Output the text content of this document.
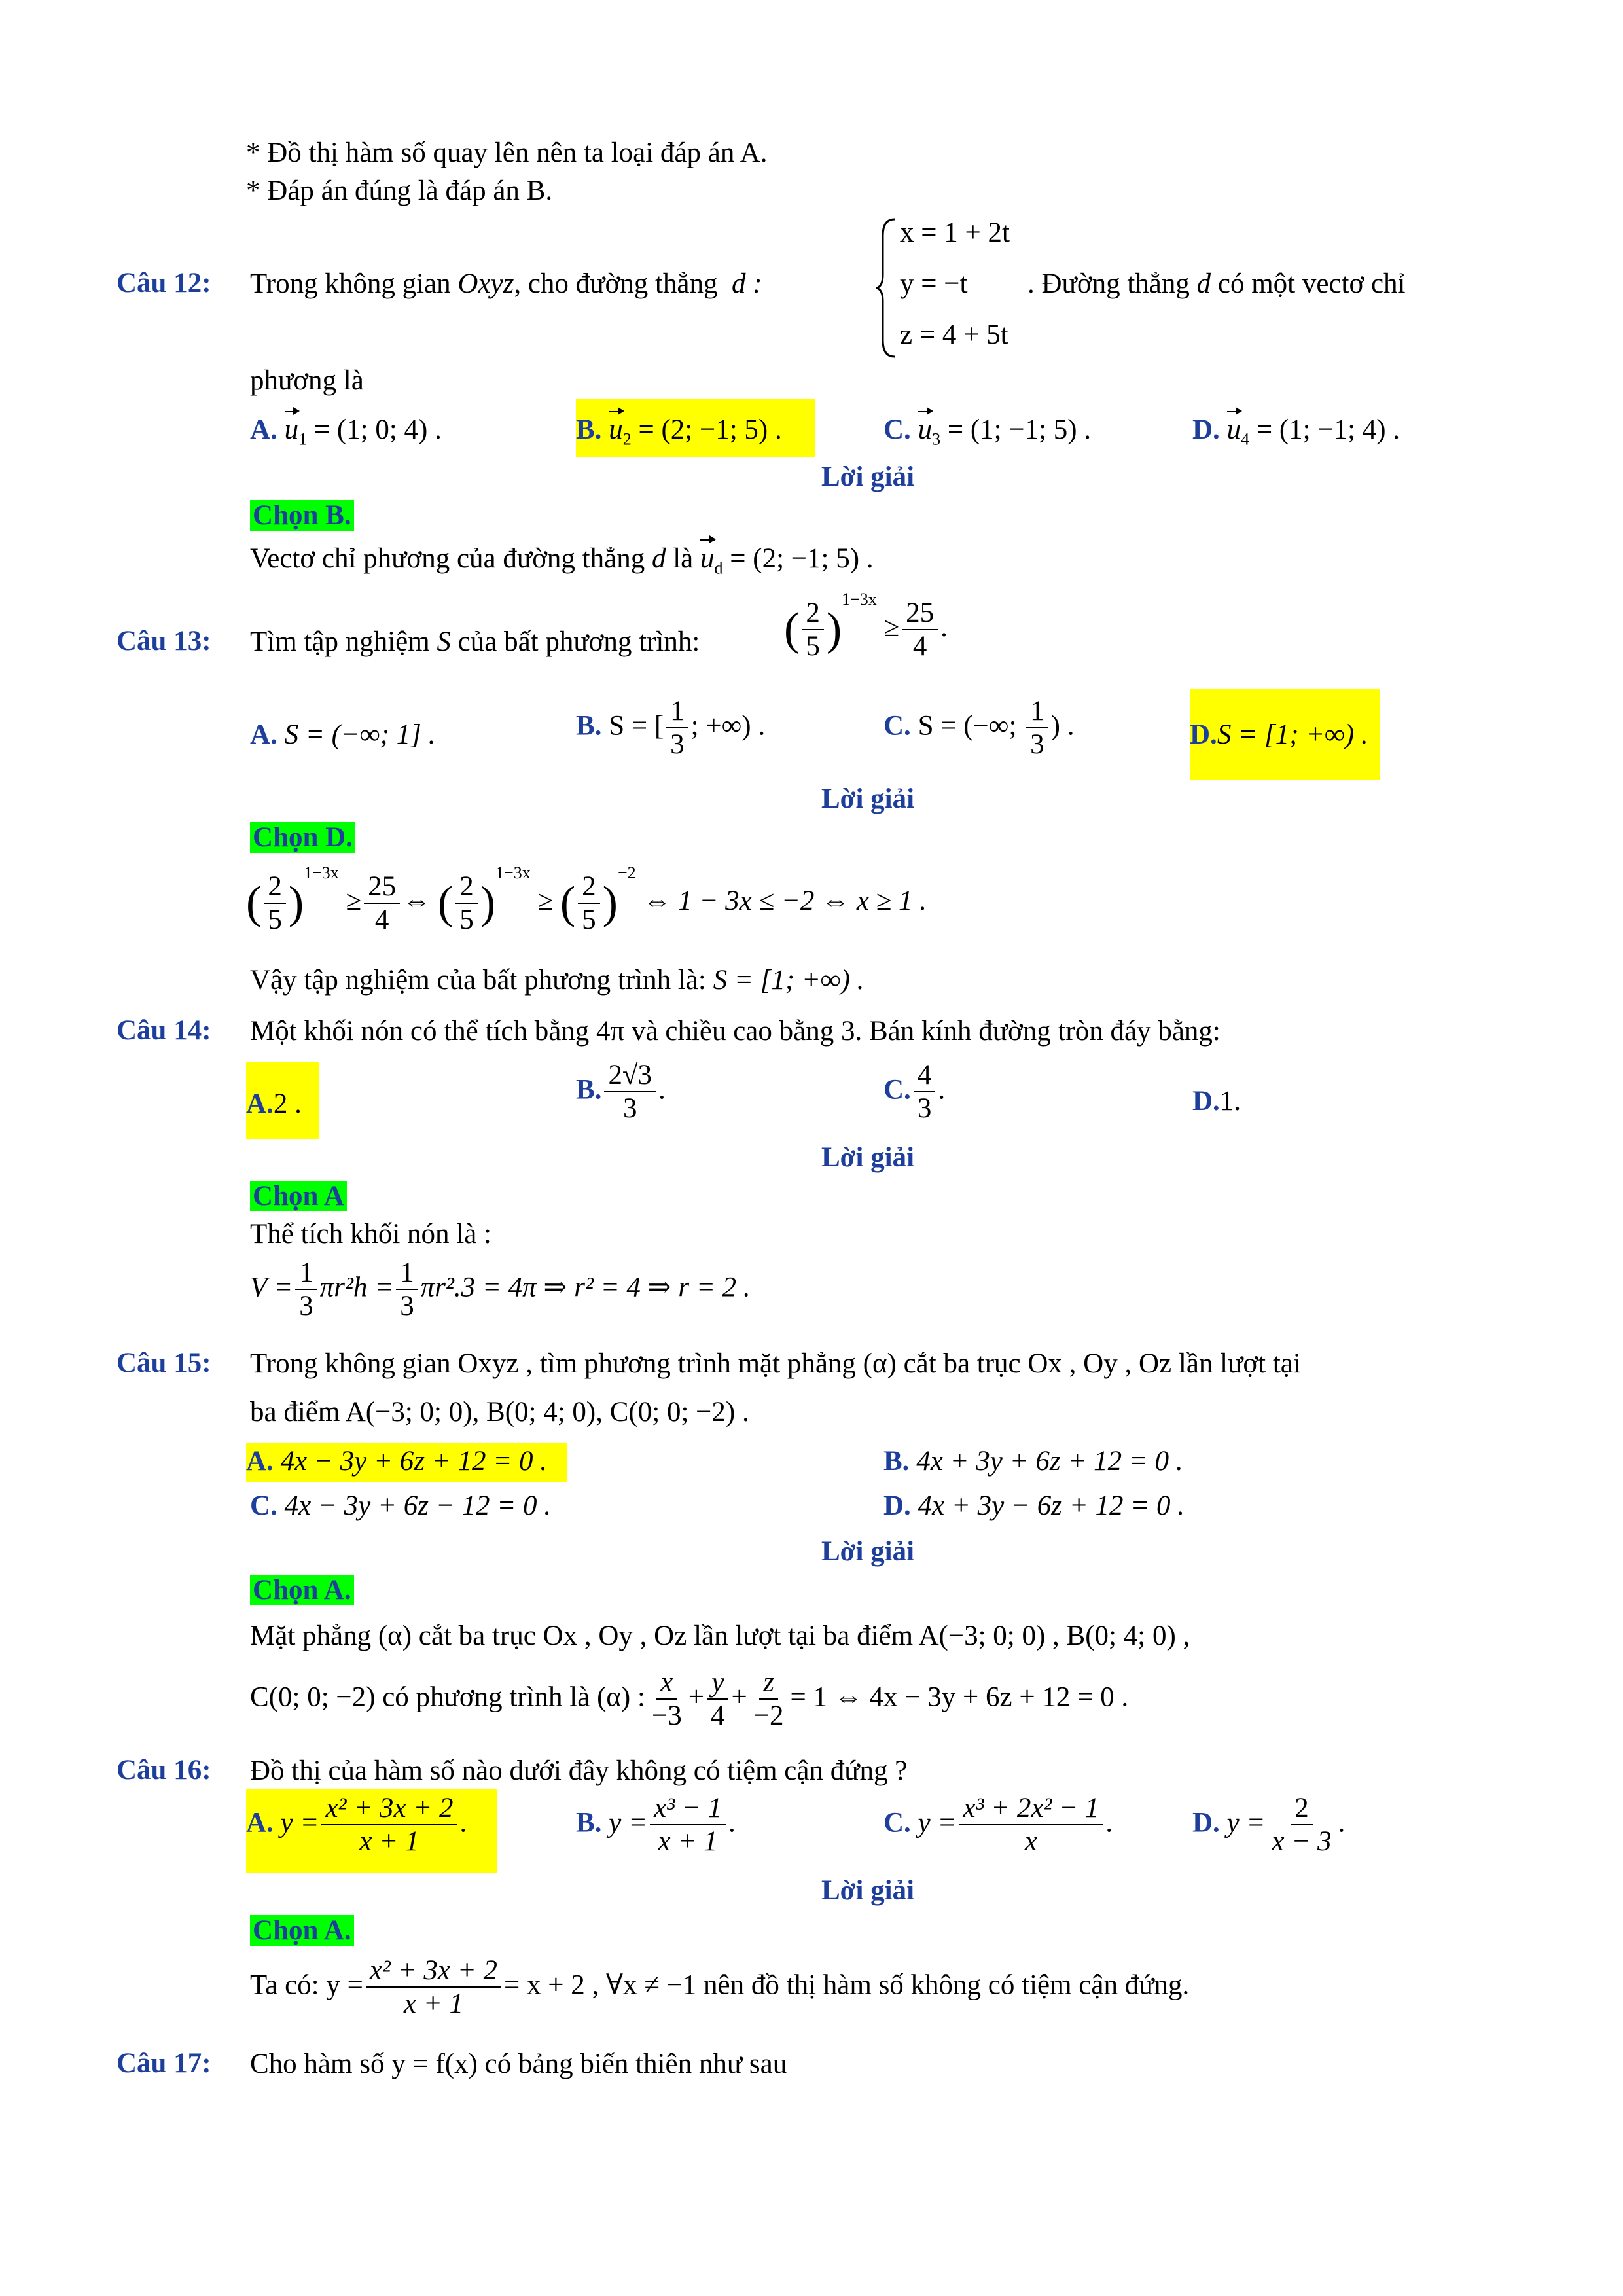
* Đồ thị hàm số quay lên nên ta loại đáp án A.
* Đáp án đúng là đáp án B.
Câu 12: Trong không gian Oxyz, cho đường thẳng d :
x = 1 + 2t
y = −t
z = 4 + 5t
. Đường thẳng d có một vectơ chỉ
phương là
A. $u_1 = (1$; 0; 4) .	B. $u_2 = (2$; −1; 5) .	C. $u_3 = (1$; −1; 5) .	D. $u_4 = (1$; −1; 4) .
Lời giải
Chọn B.
Vectơ chỉ phương của đường thẳng d là $u_d = (2$; −1; 5) .
Câu 13: Tìm tập nghiệm S của bất phương trình: ( $\frac{2}{5} )^{1-3x} \ge \frac{25}{4}$ .
A. S = (−∞; 1] .	B. S = [ $\frac{1}{3}$ ; +∞) .	C. S = (−∞; $\frac{1}{3}$ ) .	D.S = [1; +∞) .
Lời giải
Chọn D.
( $\frac{2}{5} )^{1-3x} \ge \frac{25}{4}$ ⇔ ( $\frac{2}{5} )^{1-3x}$ ≥ ( $\frac{2}{5} )^{-2}$ ⇔ 1 − 3x ≤ −2 ⇔ x ≥ 1 .
Vậy tập nghiệm của bất phương trình là: S = [1; +∞) .
Câu 14: Một khối nón có thể tích bằng 4π và chiều cao bằng 3. Bán kính đường tròn đáy bằng:
A.2 .	B. $\frac{2√3}{3}$ .	C. $\frac{4}{3}$ .	D.1.
Lời giải
Chọn A
Thể tích khối nón là :
$V = \frac{1}{3} \pi r^2h = \frac{1}{3} \pi r^2.3 = 4\pi$ ⇒ r² = 4 ⇒ r = 2 .
Câu 15: Trong không gian Oxyz , tìm phương trình mặt phẳng (α) cắt ba trục Ox , Oy , Oz lần lượt tại
ba điểm A(−3; 0; 0), B(0; 4; 0), C(0; 0; −2) .
A. 4x − 3y + 6z + 12 = 0 .	B. 4x + 3y + 6z + 12 = 0 .
C. 4x − 3y + 6z − 12 = 0 .	D. 4x + 3y − 6z + 12 = 0 .
Lời giải
Chọn A.
Mặt phẳng (α) cắt ba trục Ox , Oy , Oz lần lượt tại ba điểm A(−3; 0; 0) , B(0; 4; 0) ,
C(0; 0; −2) có phương trình là (α) : $\frac{x}{-3} + \frac{y}{4} + \frac{z}{-2} = 1$ ⇔ 4x − 3y + 6z + 12 = 0 .
Câu 16: Đồ thị của hàm số nào dưới đây không có tiệm cận đứng ?
A. $y = \frac{\text{x² + 3x + 2}}{x + 1}$ .	B. $y = \frac{\text{x³ − 1}}{x + 1}$ .	C. $y = \frac{\text{x³ + 2x² − 1}}{x}$ .	D. $y = \frac{2}{x - 3}$ .
Lời giải
Chọn A.
Ta có: $y = \frac{\text{x² + 3x + 2}}{x + 1} = x + 2$ , ∀x ≠ −1 nên đồ thị hàm số không có tiệm cận đứng.
Câu 17: Cho hàm số y = f(x) có bảng biến thiên như sau
